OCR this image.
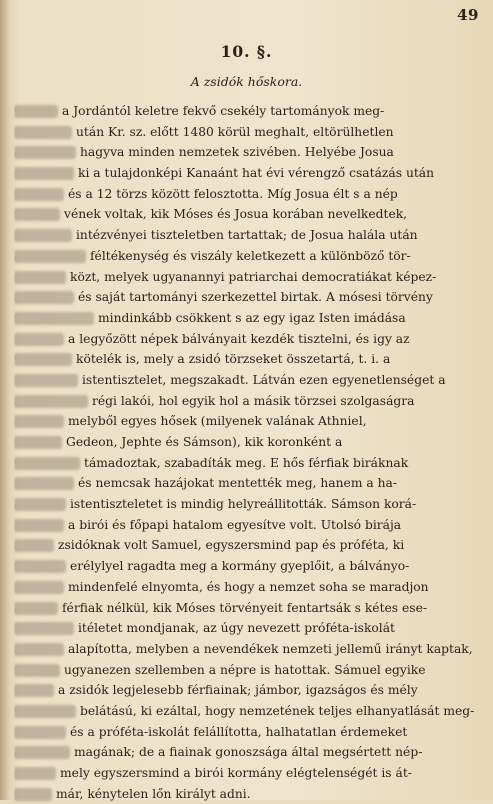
49
10. §.
A zsidók hőskora.
a Jordántól keletre fekvő csekély tartományok meg-
után Kr. sz. előtt 1480 körül meghalt, eltörülhetlen
hagyva minden nemzetek szivében. Helyébe Josua
ki a tulajdonképi Kanaánt hat évi vérengző csatázás után
és a 12 törzs között felosztotta. Míg Josua élt s a nép
vének voltak, kik Móses és Josua korában nevelkedtek,
intézvényei tiszteletben tartattak; de Josua halála után
féltékenység és viszály keletkezett a különböző tör-
közt, melyek ugyanannyi patriarchai democratiákat képez-
és saját tartományi szerkezettel birtak. A mósesi törvény
mindinkább csökkent s az egy igaz Isten imádása
a legyőzött népek bálványait kezdék tisztelni, és igy az
kötelék is, mely a zsidó törzseket összetartá, t. i. a
istentisztelet, megszakadt. Látván ezen egyenetlenséget a
régi lakói, hol egyik hol a másik törzsei szolgaságra
melyből egyes hősek (milyenek valának Athniel,
Gedeon, Jephte és Sámson), kik koronként a
támadoztak, szabadíták meg. E hős férfiak biráknak
és nemcsak hazájokat mentették meg, hanem a ha-
istentiszteletet is mindig helyreállitották. Sámson korá-
a birói és főpapi hatalom egyesítve volt. Utolsó birája
zsidóknak volt Samuel, egyszersmind pap és próféta, ki
erélylyel ragadta meg a kormány gyeplőit, a bálványo-
mindenfelé elnyomta, és hogy a nemzet soha se maradjon
férfiak nélkül, kik Móses törvényeit fentartsák s kétes ese-
itéletet mondjanak, az úgy nevezett próféta-iskolát
alapította, melyben a nevendékek nemzeti jellemű irányt kaptak,
ugyanezen szellemben a népre is hatottak. Sámuel egyike
a zsidók legjelesebb férfiainak; jámbor, igazságos és mély
belátású, ki ezáltal, hogy nemzetének teljes elhanyatlását meg-
és a próféta-iskolát felállította, halhatatlan érdemeket
magának; de a fiainak gonoszsága által megsértett nép-
mely egyszersmind a birói kormány elégtelenségét is át-
már, kénytelen lőn királyt adni.
